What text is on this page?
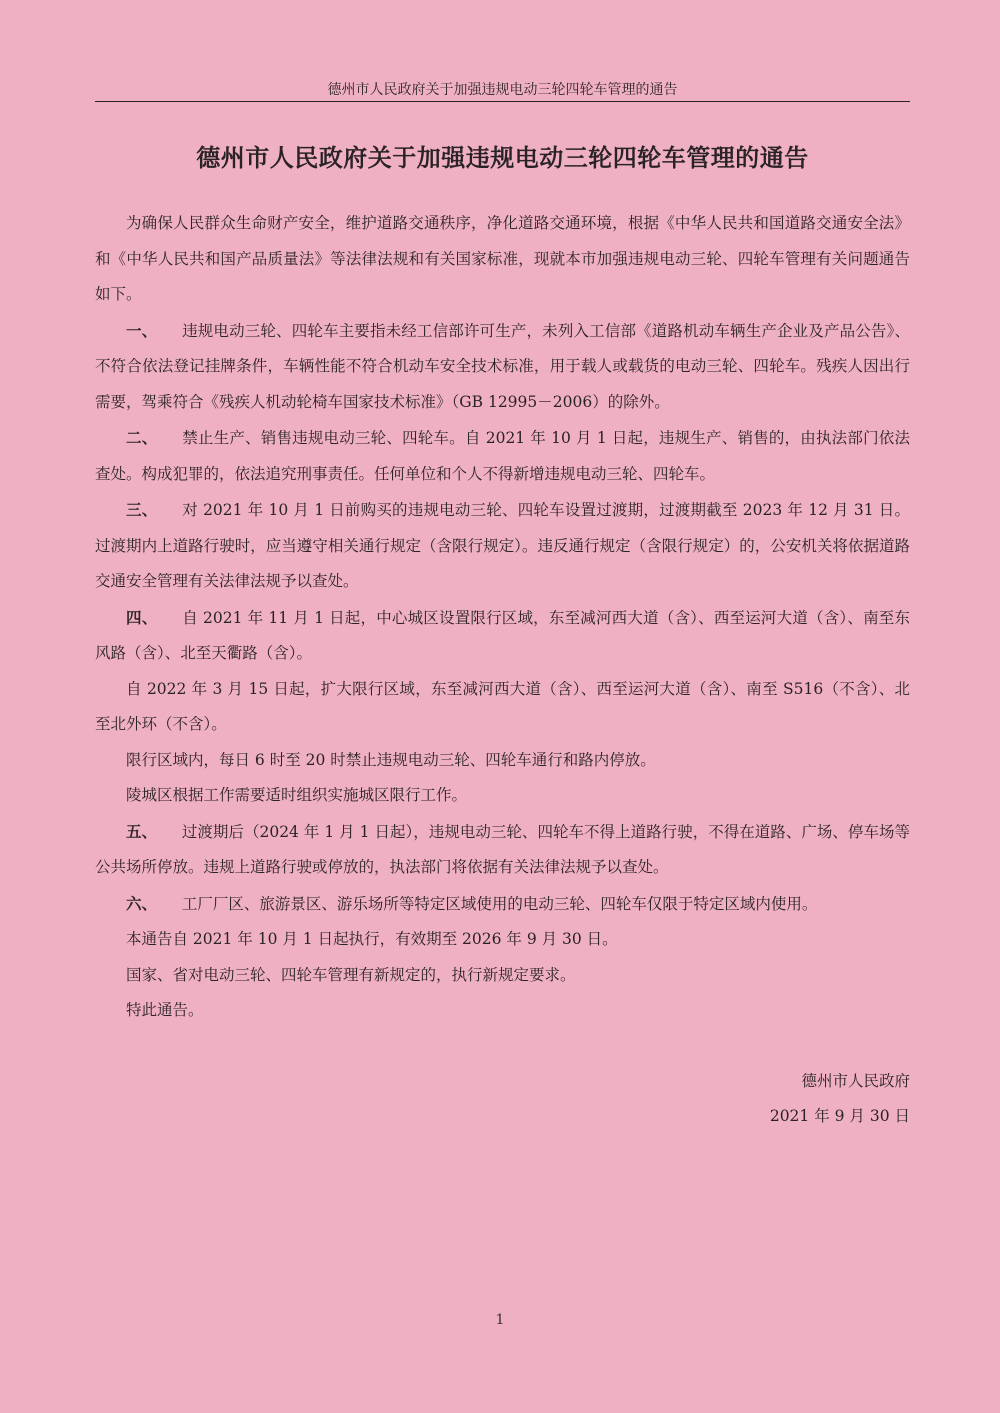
德州市人民政府关于加强违规电动三轮四轮车管理的通告
德州市人民政府关于加强违规电动三轮四轮车管理的通告

为确保人民群众生命财产安全，维护道路交通秩序，净化道路交通环境，根据《中华人民共和国道路交通安全法》和《中华人民共和国产品质量法》等法律法规和有关国家标准，现就本市加强违规电动三轮、四轮车管理有关问题通告如下。

一、 违规电动三轮、四轮车主要指未经工信部许可生产，未列入工信部《道路机动车辆生产企业及产品公告》、不符合依法登记挂牌条件，车辆性能不符合机动车安全技术标准，用于载人或载货的电动三轮、四轮车。残疾人因出行需要，驾乘符合《残疾人机动轮椅车国家技术标准》（GB 12995－2006）的除外。

二、 禁止生产、销售违规电动三轮、四轮车。自 2021 年 10 月 1 日起，违规生产、销售的，由执法部门依法查处。构成犯罪的，依法追究刑事责任。任何单位和个人不得新增违规电动三轮、四轮车。

三、 对 2021 年 10 月 1 日前购买的违规电动三轮、四轮车设置过渡期，过渡期截至 2023 年 12 月 31 日。过渡期内上道路行驶时，应当遵守相关通行规定（含限行规定）。违反通行规定（含限行规定）的，公安机关将依据道路交通安全管理有关法律法规予以查处。

四、 自 2021 年 11 月 1 日起，中心城区设置限行区域，东至减河西大道（含）、西至运河大道（含）、南至东风路（含）、北至天衢路（含）。

自 2022 年 3 月 15 日起，扩大限行区域，东至减河西大道（含）、西至运河大道（含）、南至 S516（不含）、北至北外环（不含）。

限行区域内，每日 6 时至 20 时禁止违规电动三轮、四轮车通行和路内停放。

陵城区根据工作需要适时组织实施城区限行工作。

五、 过渡期后（2024 年 1 月 1 日起），违规电动三轮、四轮车不得上道路行驶，不得在道路、广场、停车场等公共场所停放。违规上道路行驶或停放的，执法部门将依据有关法律法规予以查处。

六、 工厂厂区、旅游景区、游乐场所等特定区域使用的电动三轮、四轮车仅限于特定区域内使用。

本通告自 2021 年 10 月 1 日起执行，有效期至 2026 年 9 月 30 日。

国家、省对电动三轮、四轮车管理有新规定的，执行新规定要求。

特此通告。

德州市人民政府
2021 年 9 月 30 日
1
